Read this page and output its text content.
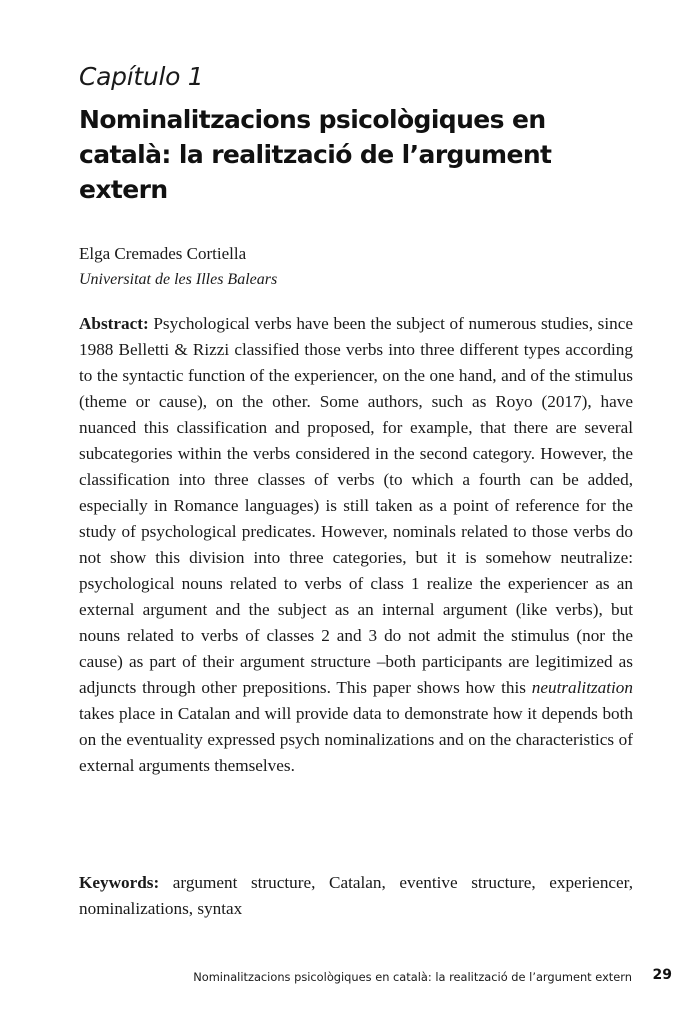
Capítulo 1
Nominalitzacions psicològiques en
català: la realització de l’argument
extern
Elga Cremades Cortiella
Universitat de les Illes Balears

Abstract: Psychological verbs have been the subject of numerous studies, since 1988 Belletti & Rizzi classified those verbs into three different types according to the syntactic function of the experiencer, on the one hand, and of the stimulus (theme or cause), on the other. Some authors, such as Royo (2017), have nuanced this classification and proposed, for example, that there are several subcategories within the verbs considered in the second category. However, the classification into three classes of verbs (to which a fourth can be added, especially in Romance languages) is still taken as a point of reference for the study of psychological predicates. However, nominals related to those verbs do not show this division into three categories, but it is somehow neutralize: psychological nouns related to verbs of class 1 realize the experiencer as an external argument and the subject as an internal argument (like verbs), but nouns related to verbs of classes 2 and 3 do not admit the stimulus (nor the cause) as part of their argument structure –both participants are legitimized as adjuncts through other prepositions. This paper shows how this neutralitzation takes place in Catalan and will provide data to demonstrate how it depends both on the eventuality expressed psych nominalizations and on the characteristics of external arguments themselves.

Keywords: argument structure, Catalan, eventive structure, experiencer, nominalizations, syntax

Nominalitzacions psicològiques en català: la realització de l’argument extern 29
